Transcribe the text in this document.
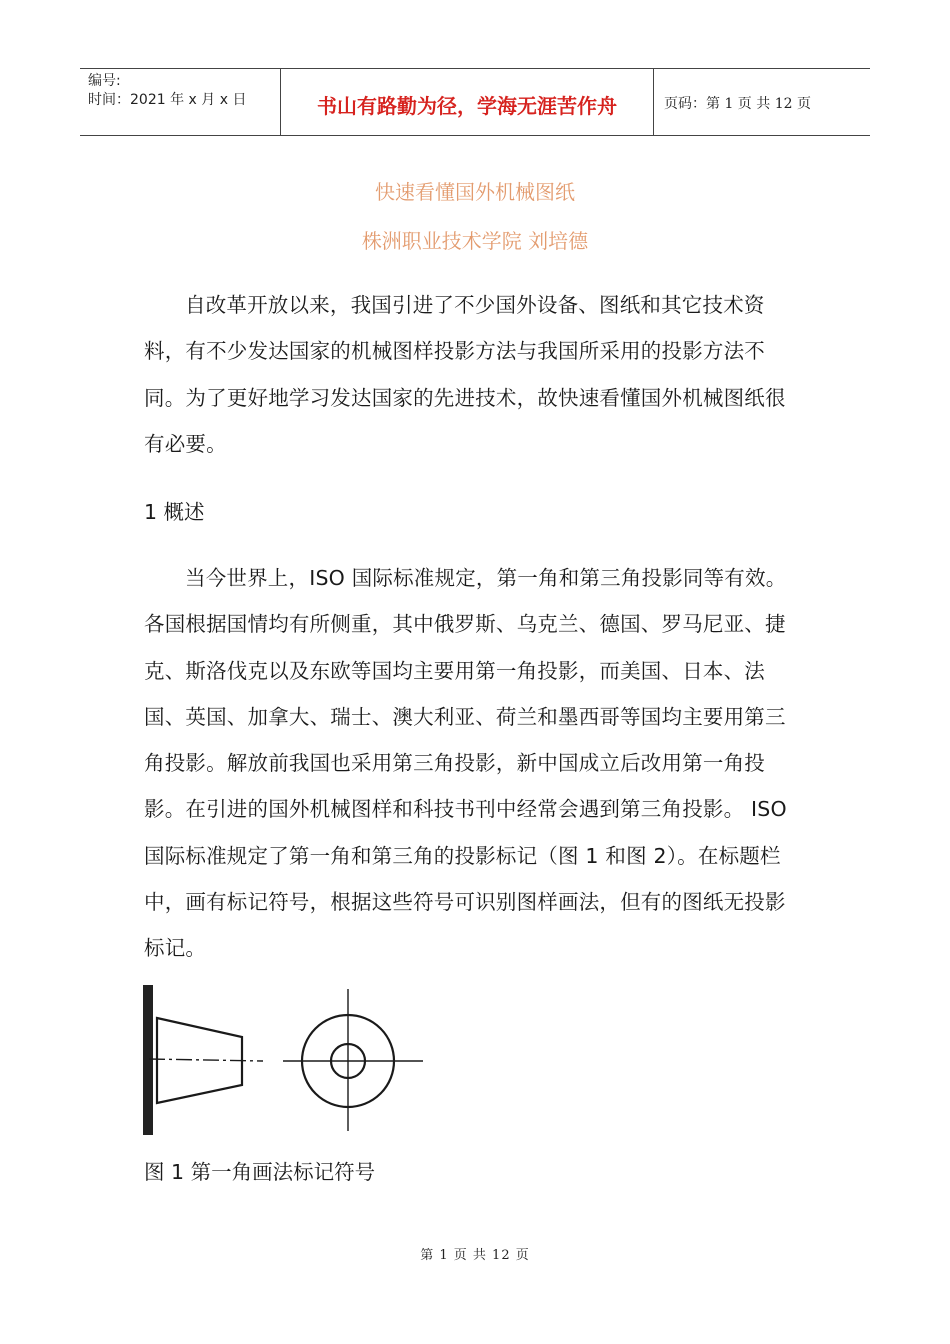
编号:
时间：2021 年 x 月 x 日	书山有路勤为径，学海无涯苦作舟	页码：第 1 页 共 12 页
快速看懂国外机械图纸
株洲职业技术学院 刘培德

自改革开放以来，我国引进了不少国外设备、图纸和其它技术资料，有不少发达国家的机械图样投影方法与我国所采用的投影方法不同。为了更好地学习发达国家的先进技术，故快速看懂国外机械图纸很有必要。

1 概述

当今世界上，ISO 国际标准规定，第一角和第三角投影同等有效。各国根据国情均有所侧重，其中俄罗斯、乌克兰、德国、罗马尼亚、捷克、斯洛伐克以及东欧等国均主要用第一角投影，而美国、日本、法国、英国、加拿大、瑞士、澳大利亚、荷兰和墨西哥等国均主要用第三角投影。解放前我国也采用第三角投影，新中国成立后改用第一角投影。在引进的国外机械图样和科技书刊中经常会遇到第三角投影。 ISO 国际标准规定了第一角和第三角的投影标记（图 1 和图 2）。在标题栏中，画有标记符号，根据这些符号可识别图样画法，但有的图纸无投影标记。

图 1 第一角画法标记符号
第 1 页 共 12 页
